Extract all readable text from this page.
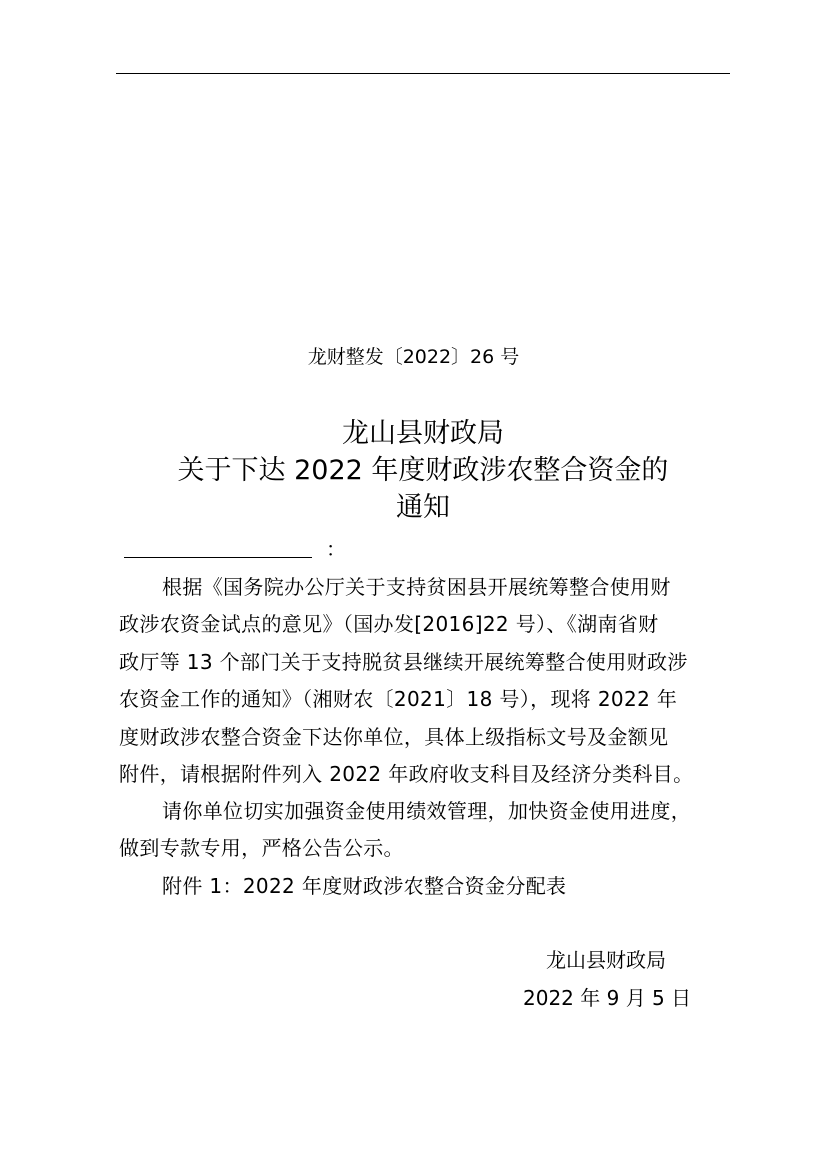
龙财整发〔2022〕26 号
龙山县财政局
关于下达 2022 年度财政涉农整合资金的
通知
：
根据《国务院办公厅关于支持贫困县开展统筹整合使用财
政涉农资金试点的意见》（国办发[2016]22 号）、《湖南省财
政厅等 13 个部门关于支持脱贫县继续开展统筹整合使用财政涉
农资金工作的通知》（湘财农〔2021〕18 号），现将 2022 年
度财政涉农整合资金下达你单位，具体上级指标文号及金额见
附件，请根据附件列入 2022 年政府收支科目及经济分类科目。
请你单位切实加强资金使用绩效管理，加快资金使用进度，
做到专款专用，严格公告公示。
附件 1：2022 年度财政涉农整合资金分配表
龙山县财政局
2022 年 9 月 5 日
